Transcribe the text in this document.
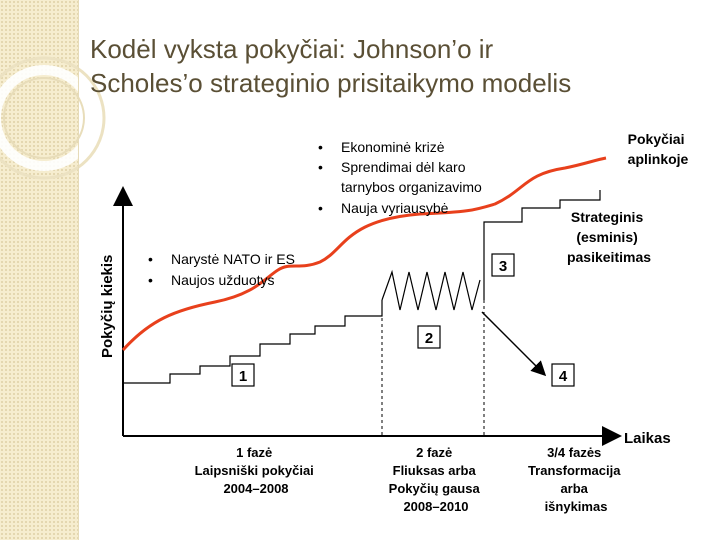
Kodėl vyksta pokyčiai: Johnson’o ir
Scholes’o strateginio prisitaikymo modelis
Pokyčių kiekis
Laikas
1
2
3
4
Pokyčiai aplinkoje
Strateginis (esminis) pasikeitimas
• Ekonominė krizė
• Sprendimai dėl karo
tarnybos organizavimo
• Nauja vyriausybė
• Narystė NATO ir ES
• Naujos užduotys
1 fazė Laipsniški pokyčiai 2004–2008
2 fazė Fliuksas arba Pokyčių gausa 2008–2010
3/4 fazės Transformacija arba išnykimas
